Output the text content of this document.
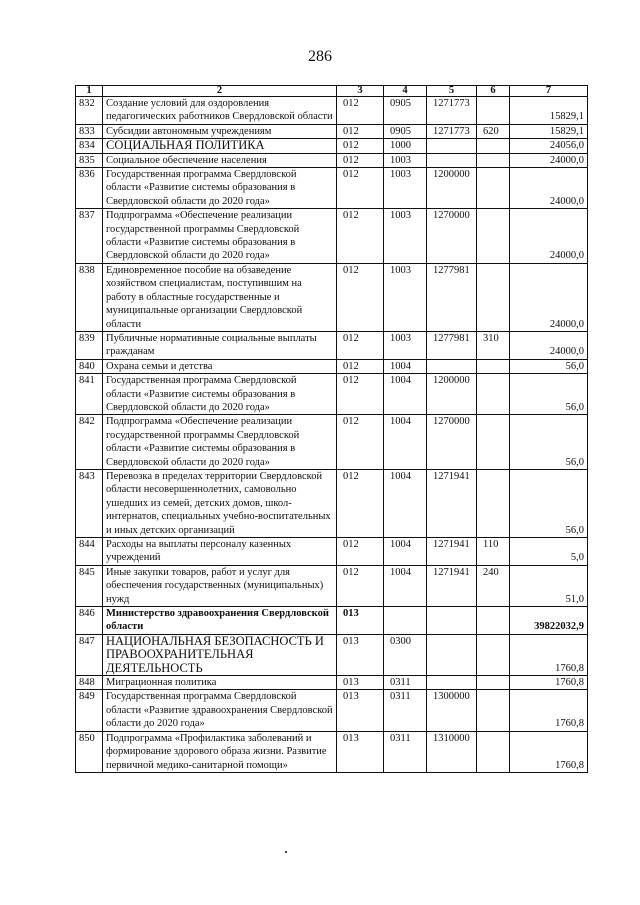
286
1	2	3	4	5	6	7
832	Создание условий для оздоровления педагогических работников Свердловской области	012	0905	1271773		15829,1
833	Субсидии автономным учреждениям	012	0905	1271773	620	15829,1
834	СОЦИАЛЬНАЯ ПОЛИТИКА	012	1000			24056,0
835	Социальное обеспечение населения	012	1003			24000,0
836	Государственная программа Свердловской области «Развитие системы образования в Свердловской области до 2020 года»	012	1003	1200000		24000,0
837	Подпрограмма «Обеспечение реализации государственной программы Свердловской области «Развитие системы образования в Свердловской области до 2020 года»	012	1003	1270000		24000,0
838	Единовременное пособие на обзаведение хозяйством специалистам, поступившим на работу в областные государственные и муниципальные организации Свердловской области	012	1003	1277981		24000,0
839	Публичные нормативные социальные выплаты гражданам	012	1003	1277981	310	24000,0
840	Охрана семьи и детства	012	1004			56,0
841	Государственная программа Свердловской области «Развитие системы образования в Свердловской области до 2020 года»	012	1004	1200000		56,0
842	Подпрограмма «Обеспечение реализации государственной программы Свердловской области «Развитие системы образования в Свердловской области до 2020 года»	012	1004	1270000		56,0
843	Перевозка в пределах территории Свердловской области несовершеннолетних, самовольно ушедших из семей, детских домов, школ-интернатов, специальных учебно-воспитательных и иных детских организаций	012	1004	1271941		56,0
844	Расходы на выплаты персоналу казенных учреждений	012	1004	1271941	110	5,0
845	Иные закупки товаров, работ и услуг для обеспечения государственных (муниципальных) нужд	012	1004	1271941	240	51,0
846	Министерство здравоохранения Свердловской области	013				39822032,9
847	НАЦИОНАЛЬНАЯ БЕЗОПАСНОСТЬ И ПРАВООХРАНИТЕЛЬНАЯ ДЕЯТЕЛЬНОСТЬ	013	0300			1760,8
848	Миграционная политика	013	0311			1760,8
849	Государственная программа Свердловской области «Развитие здравоохранения Свердловской области до 2020 года»	013	0311	1300000		1760,8
850	Подпрограмма «Профилактика заболеваний и формирование здорового образа жизни. Развитие первичной медико-санитарной помощи»	013	0311	1310000		1760,8
